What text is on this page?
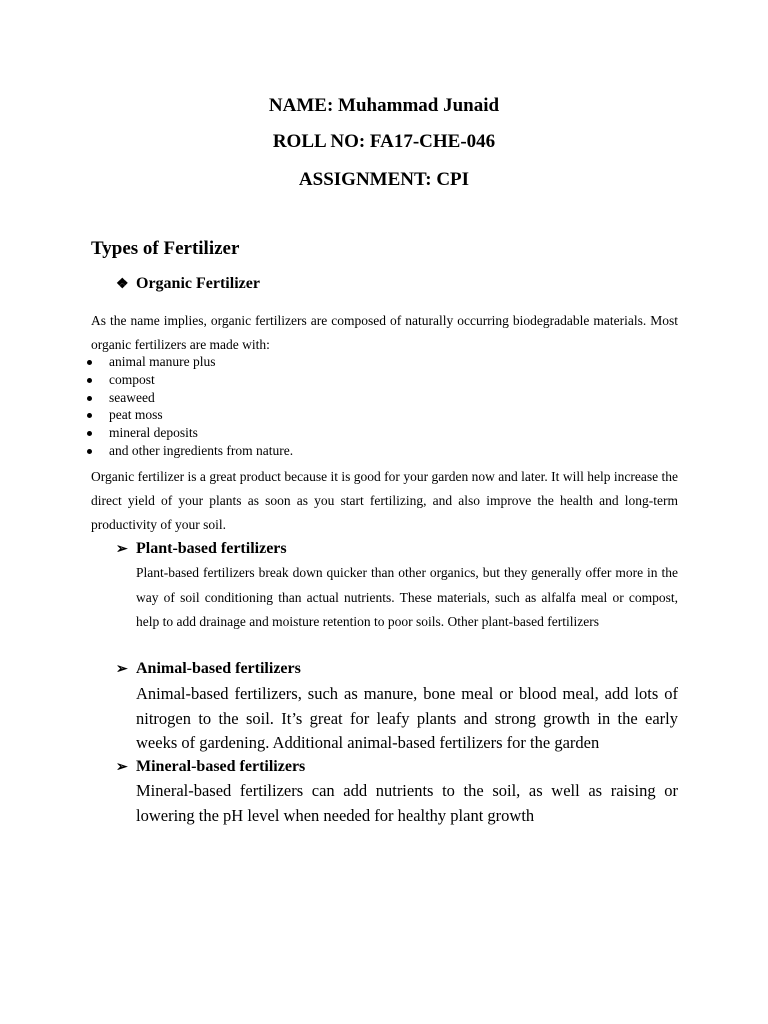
NAME: Muhammad Junaid
ROLL NO: FA17-CHE-046
ASSIGNMENT: CPI
Types of Fertilizer
❖ Organic Fertilizer
As the name implies, organic fertilizers are composed of naturally occurring biodegradable materials. Most organic fertilizers are made with:
animal manure plus
compost
seaweed
peat moss
mineral deposits
and other ingredients from nature.
Organic fertilizer is a great product because it is good for your garden now and later. It will help increase the direct yield of your plants as soon as you start fertilizing, and also improve the health and long-term productivity of your soil.
➢ Plant-based fertilizers
Plant-based fertilizers break down quicker than other organics, but they generally offer more in the way of soil conditioning than actual nutrients. These materials, such as alfalfa meal or compost, help to add drainage and moisture retention to poor soils. Other plant-based fertilizers
➢ Animal-based fertilizers
Animal-based fertilizers, such as manure, bone meal or blood meal, add lots of nitrogen to the soil. It’s great for leafy plants and strong growth in the early weeks of gardening. Additional animal-based fertilizers for the garden
➢ Mineral-based fertilizers
Mineral-based fertilizers can add nutrients to the soil, as well as raising or lowering the pH level when needed for healthy plant growth
